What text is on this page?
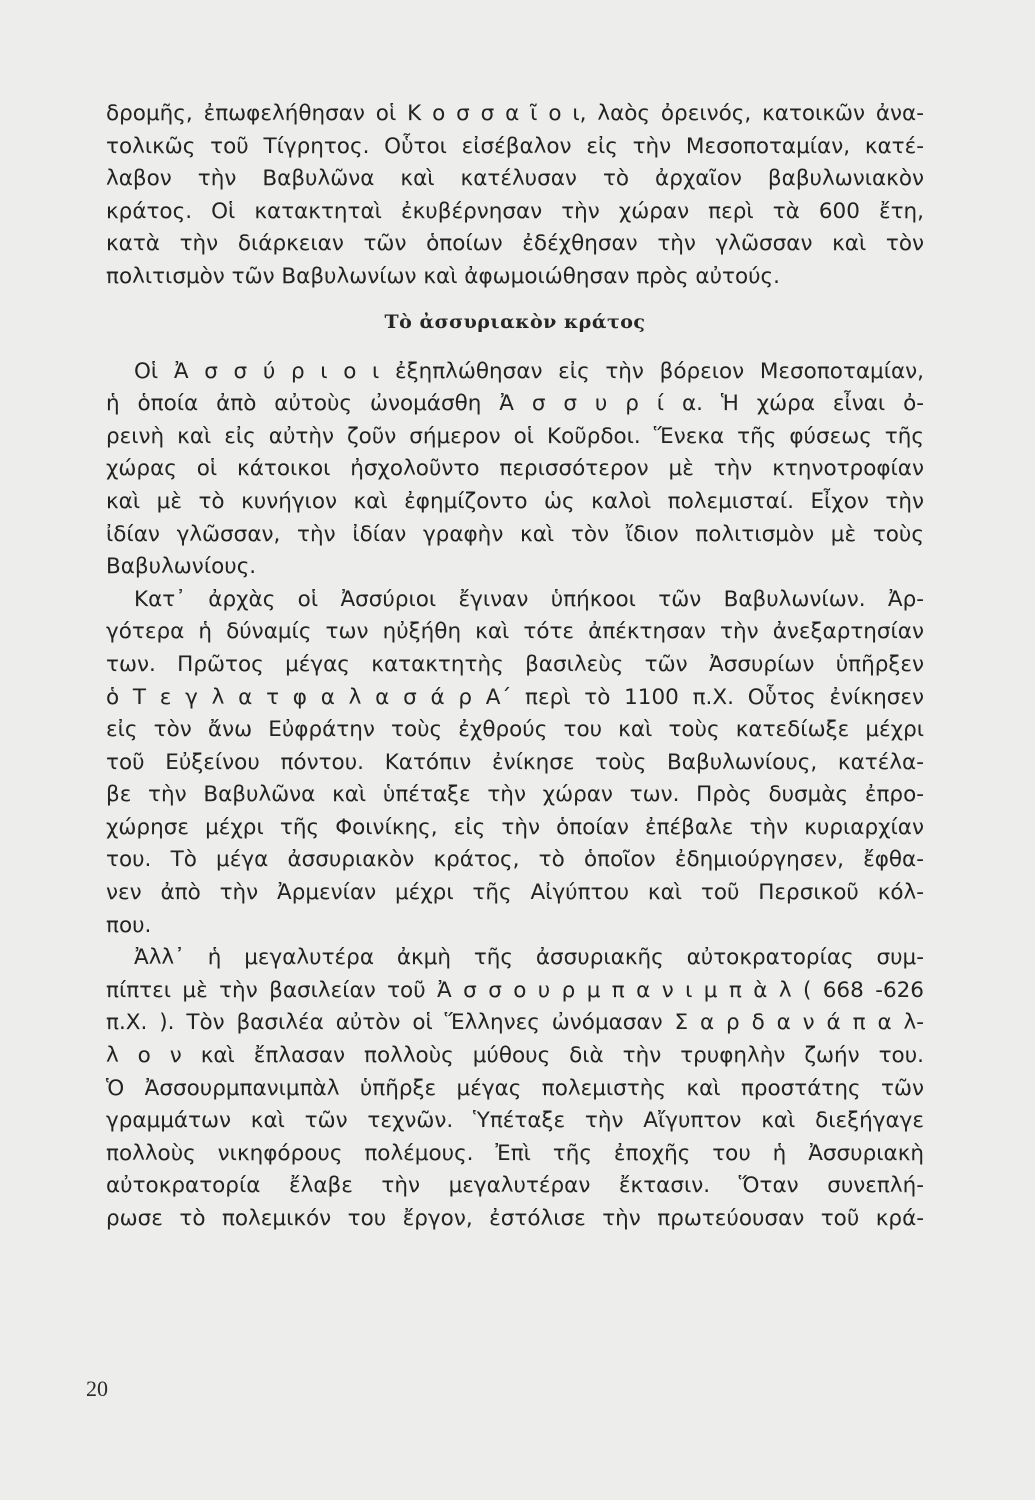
δρομῆς, ἐπωφελήθησαν οἱ Κ ο σ σ α ῖ ο ι, λαὸς ὀρεινός, κατοικῶν ἀνα-
τολικῶς τοῦ Τίγρητος. Οὗτοι εἰσέβαλον εἰς τὴν Μεσοποταμίαν, κατέ-
λαβον τὴν Βαβυλῶνα καὶ κατέλυσαν τὸ ἀρχαῖον βαβυλωνιακὸν
κράτος. Οἱ κατακτηταὶ ἐκυβέρνησαν τὴν χώραν περὶ τὰ 600 ἔτη,
κατὰ τὴν διάρκειαν τῶν ὁποίων ἐδέχθησαν τὴν γλῶσσαν καὶ τὸν
πολιτισμὸν τῶν Βαβυλωνίων καὶ ἀφωμοιώθησαν πρὸς αὐτούς.
Τὸ ἀσσυριακὸν κράτος
Οἱ Ἀ σ σ ύ ρ ι ο ι ἐξηπλώθησαν εἰς τὴν βόρειον Μεσοποταμίαν,
ἡ ὁποία ἀπὸ αὐτοὺς ὠνομάσθη Ἀ σ σ υ ρ ί α. Ἡ χώρα εἶναι ὀ-
ρεινὴ καὶ εἰς αὐτὴν ζοῦν σήμερον οἱ Κοῦρδοι. Ἕνεκα τῆς φύσεως τῆς
χώρας οἱ κάτοικοι ἠσχολοῦντο περισσότερον μὲ τὴν κτηνοτροφίαν
καὶ μὲ τὸ κυνήγιον καὶ ἐφημίζοντο ὡς καλοὶ πολεμισταί. Εἶχον τὴν
ἰδίαν γλῶσσαν, τὴν ἰδίαν γραφὴν καὶ τὸν ἴδιον πολιτισμὸν μὲ τοὺς
Βαβυλωνίους.
Κατ᾽ ἀρχὰς οἱ Ἀσσύριοι ἔγιναν ὑπήκοοι τῶν Βαβυλωνίων. Ἀρ-
γότερα ἡ δύναμίς των ηὐξήθη καὶ τότε ἀπέκτησαν τὴν ἀνεξαρτησίαν
των. Πρῶτος μέγας κατακτητὴς βασιλεὺς τῶν Ἀσσυρίων ὑπῆρξεν
ὁ Τ ε γ λ α τ φ α λ α σ ά ρ Α΄ περὶ τὸ 1100 π.Χ. Οὗτος ἐνίκησεν
εἰς τὸν ἄνω Εὐφράτην τοὺς ἐχθρούς του καὶ τοὺς κατεδίωξε μέχρι
τοῦ Εὐξείνου πόντου. Κατόπιν ἐνίκησε τοὺς Βαβυλωνίους, κατέλα-
βε τὴν Βαβυλῶνα καὶ ὑπέταξε τὴν χώραν των. Πρὸς δυσμὰς ἐπρο-
χώρησε μέχρι τῆς Φοινίκης, εἰς τὴν ὁποίαν ἐπέβαλε τὴν κυριαρχίαν
του. Τὸ μέγα ἀσσυριακὸν κράτος, τὸ ὁποῖον ἐδημιούργησεν, ἔφθα-
νεν ἀπὸ τὴν Ἀρμενίαν μέχρι τῆς Αἰγύπτου καὶ τοῦ Περσικοῦ κόλ-
που.
Ἀλλ᾽ ἡ μεγαλυτέρα ἀκμὴ τῆς ἀσσυριακῆς αὐτοκρατορίας συμ-
πίπτει μὲ τὴν βασιλείαν τοῦ Ἀ σ σ ο υ ρ μ π α ν ι μ π ὰ λ ( 668 -626
π.Χ. ). Τὸν βασιλέα αὐτὸν οἱ Ἕλληνες ὠνόμασαν Σ α ρ δ α ν ά π α λ-
λ ο ν καὶ ἔπλασαν πολλοὺς μύθους διὰ τὴν τρυφηλὴν ζωήν του.
Ὁ Ἀσσουρμπανιμπὰλ ὑπῆρξε μέγας πολεμιστὴς καὶ προστάτης τῶν
γραμμάτων καὶ τῶν τεχνῶν. Ὑπέταξε τὴν Αἴγυπτον καὶ διεξήγαγε
πολλοὺς νικηφόρους πολέμους. Ἐπὶ τῆς ἐποχῆς του ἡ Ἀσσυριακὴ
αὐτοκρατορία ἔλαβε τὴν μεγαλυτέραν ἔκτασιν. Ὅταν συνεπλή-
ρωσε τὸ πολεμικόν του ἔργον, ἐστόλισε τὴν πρωτεύουσαν τοῦ κρά-
20
